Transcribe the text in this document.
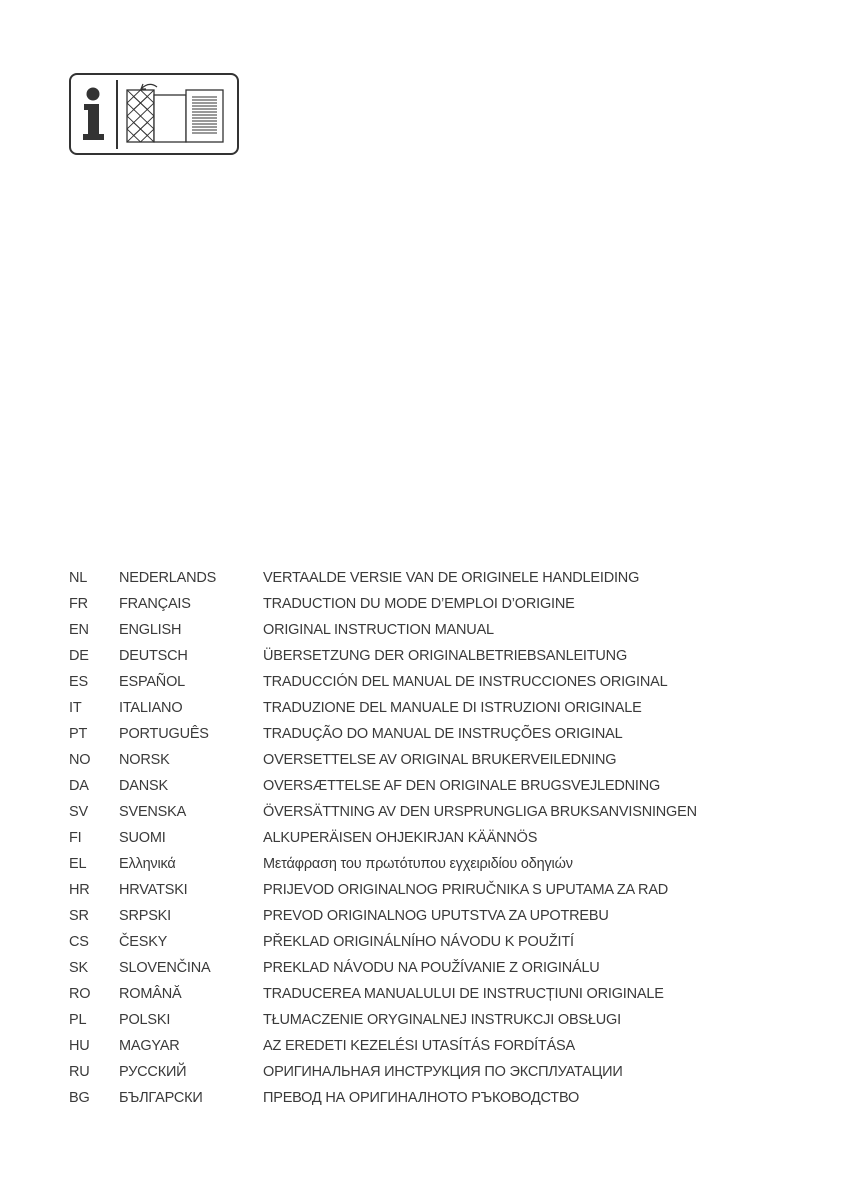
NL	NEDERLANDS	VERTAALDE VERSIE VAN DE ORIGINELE HANDLEIDING
FR	FRANÇAIS	TRADUCTION DU MODE D’EMPLOI D’ORIGINE
EN	ENGLISH	ORIGINAL INSTRUCTION MANUAL
DE	DEUTSCH	ÜBERSETZUNG DER ORIGINALBETRIEBSANLEITUNG
ES	ESPAÑOL	TRADUCCIÓN DEL MANUAL DE INSTRUCCIONES ORIGINAL
IT	ITALIANO	TRADUZIONE DEL MANUALE DI ISTRUZIONI ORIGINALE
PT	PORTUGUÊS	TRADUÇÃO DO MANUAL DE INSTRUÇÕES ORIGINAL
NO	NORSK	OVERSETTELSE AV ORIGINAL BRUKERVEILEDNING
DA	DANSK	OVERSÆTTELSE AF DEN ORIGINALE BRUGSVEJLEDNING
SV	SVENSKA	ÖVERSÄTTNING AV DEN URSPRUNGLIGA BRUKSANVISNINGEN
FI	SUOMI	ALKUPERÄISEN OHJEKIRJAN KÄÄNNÖS
EL	Ελληνικά	Μετάφραση του πρωτότυπου εγχειριδίου οδηγιών
HR	HRVATSKI	PRIJEVOD ORIGINALNOG PRIRUČNIKA S UPUTAMA ZA RAD
SR	SRPSKI	PREVOD ORIGINALNOG UPUTSTVA ZA UPOTREBU
CS	ČESKY	PŘEKLAD ORIGINÁLNÍHO NÁVODU K POUŽITÍ
SK	SLOVENČINA	PREKLAD NÁVODU NA POUŽÍVANIE Z ORIGINÁLU
RO	ROMÂNĂ	TRADUCEREA MANUALULUI DE INSTRUCȚIUNI ORIGINALE
PL	POLSKI	TŁUMACZENIE ORYGINALNEJ INSTRUKCJI OBSŁUGI
HU	MAGYAR	AZ EREDETI KEZELÉSI UTASÍTÁS FORDÍTÁSA
RU	РУССКИЙ	ОРИГИНАЛЬНАЯ ИНСТРУКЦИЯ ПО ЭКСПЛУАТАЦИИ
BG	БЪЛГАРСКИ	ПРЕВОД НА ОРИГИНАЛНОТО РЪКОВОДСТВО
